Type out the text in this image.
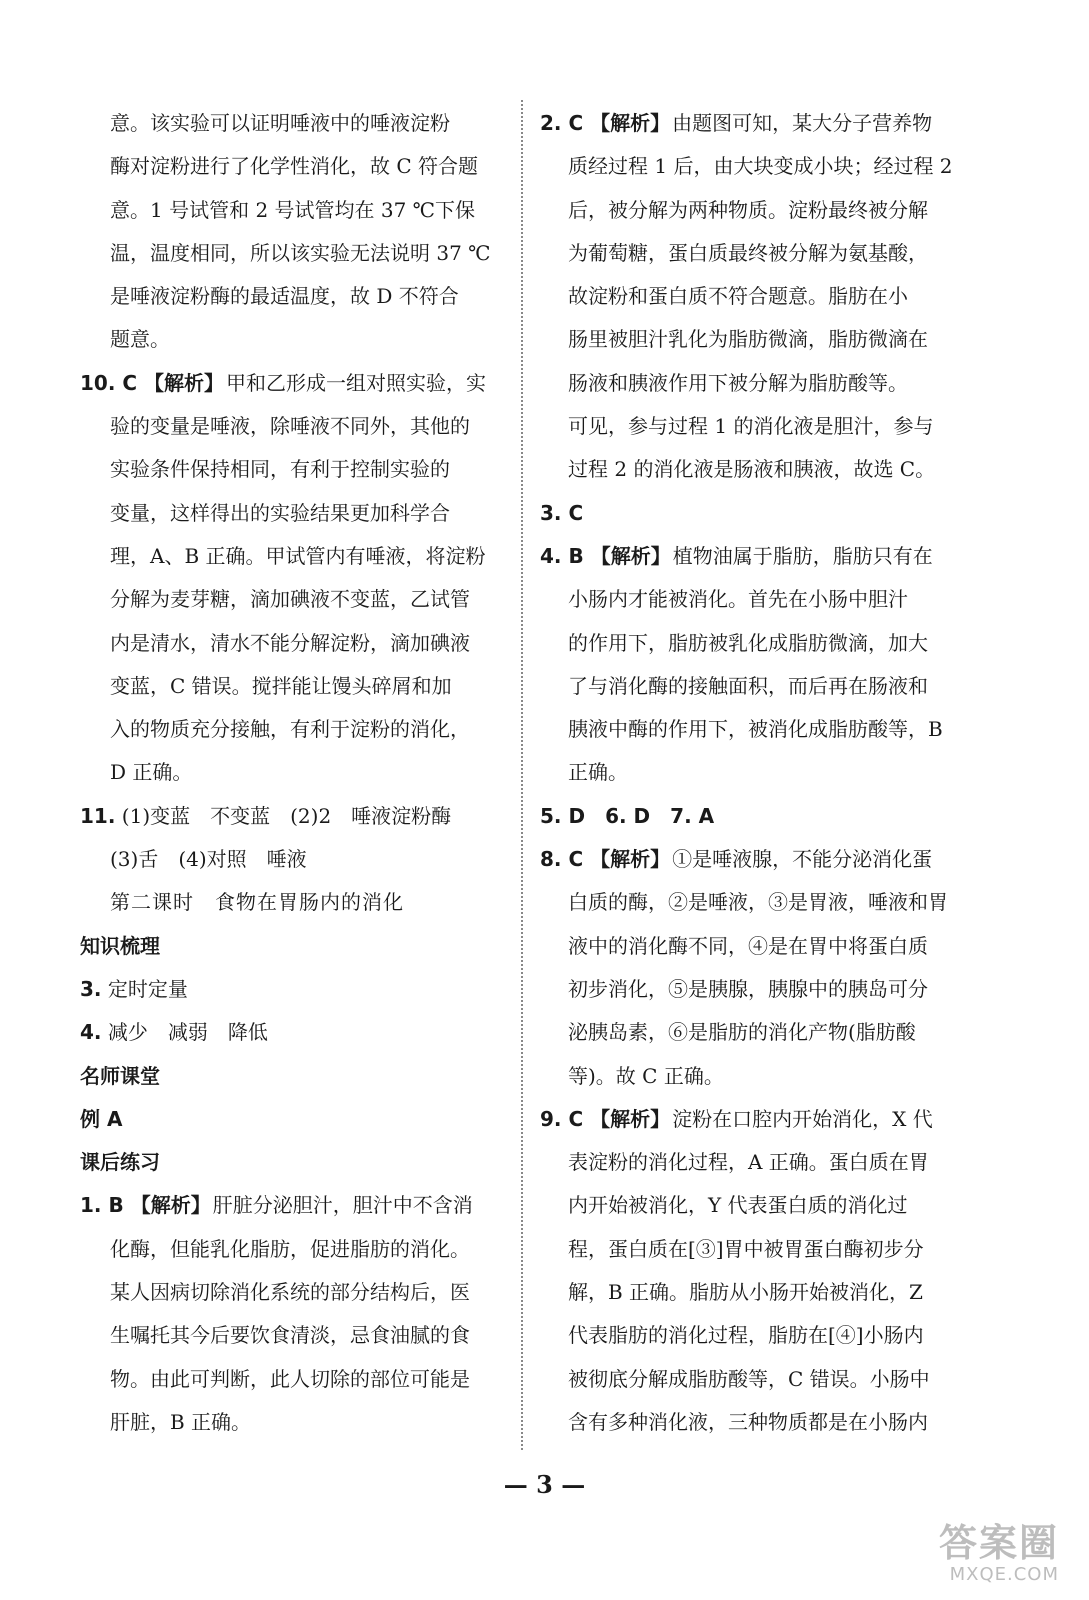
意。该实验可以证明唾液中的唾液淀粉
酶对淀粉进行了化学性消化，故 C 符合题
意。1 号试管和 2 号试管均在 37 ℃下保
温，温度相同，所以该实验无法说明 37 ℃
是唾液淀粉酶的最适温度，故 D 不符合
题意。
10. C 【解析】 甲和乙形成一组对照实验，实
验的变量是唾液，除唾液不同外，其他的
实验条件保持相同，有利于控制实验的
变量，这样得出的实验结果更加科学合
理，A、B 正确。甲试管内有唾液，将淀粉
分解为麦芽糖，滴加碘液不变蓝，乙试管
内是清水，清水不能分解淀粉，滴加碘液
变蓝，C 错误。搅拌能让馒头碎屑和加
入的物质充分接触，有利于淀粉的消化，
D 正确。
11. (1)变蓝　不变蓝　(2)2　唾液淀粉酶
(3)舌　(4)对照　唾液
第二课时　食物在胃肠内的消化
知识梳理
3. 定时定量
4. 减少　减弱　降低
名师课堂
例 A
课后练习
1. B 【解析】 肝脏分泌胆汁，胆汁中不含消
化酶，但能乳化脂肪，促进脂肪的消化。
某人因病切除消化系统的部分结构后，医
生嘱托其今后要饮食清淡，忌食油腻的食
物。由此可判断，此人切除的部位可能是
肝脏，B 正确。
2. C 【解析】 由题图可知，某大分子营养物
质经过程 1 后，由大块变成小块；经过程 2
后，被分解为两种物质。淀粉最终被分解
为葡萄糖，蛋白质最终被分解为氨基酸，
故淀粉和蛋白质不符合题意。脂肪在小
肠里被胆汁乳化为脂肪微滴，脂肪微滴在
肠液和胰液作用下被分解为脂肪酸等。
可见，参与过程 1 的消化液是胆汁，参与
过程 2 的消化液是肠液和胰液，故选 C。
3. C
4. B 【解析】 植物油属于脂肪，脂肪只有在
小肠内才能被消化。首先在小肠中胆汁
的作用下，脂肪被乳化成脂肪微滴，加大
了与消化酶的接触面积，而后再在肠液和
胰液中酶的作用下，被消化成脂肪酸等，B
正确。
5. D　6. D　7. A
8. C 【解析】 ①是唾液腺，不能分泌消化蛋
白质的酶，②是唾液，③是胃液，唾液和胃
液中的消化酶不同，④是在胃中将蛋白质
初步消化，⑤是胰腺，胰腺中的胰岛可分
泌胰岛素，⑥是脂肪的消化产物(脂肪酸
等)。故 C 正确。
9. C 【解析】 淀粉在口腔内开始消化，X 代
表淀粉的消化过程，A 正确。蛋白质在胃
内开始被消化，Y 代表蛋白质的消化过
程，蛋白质在[③]胃中被胃蛋白酶初步分
解，B 正确。脂肪从小肠开始被消化，Z
代表脂肪的消化过程，脂肪在[④]小肠内
被彻底分解成脂肪酸等，C 错误。小肠中
含有多种消化液，三种物质都是在小肠内
— 3 —
答案圈
MXQE.COM
